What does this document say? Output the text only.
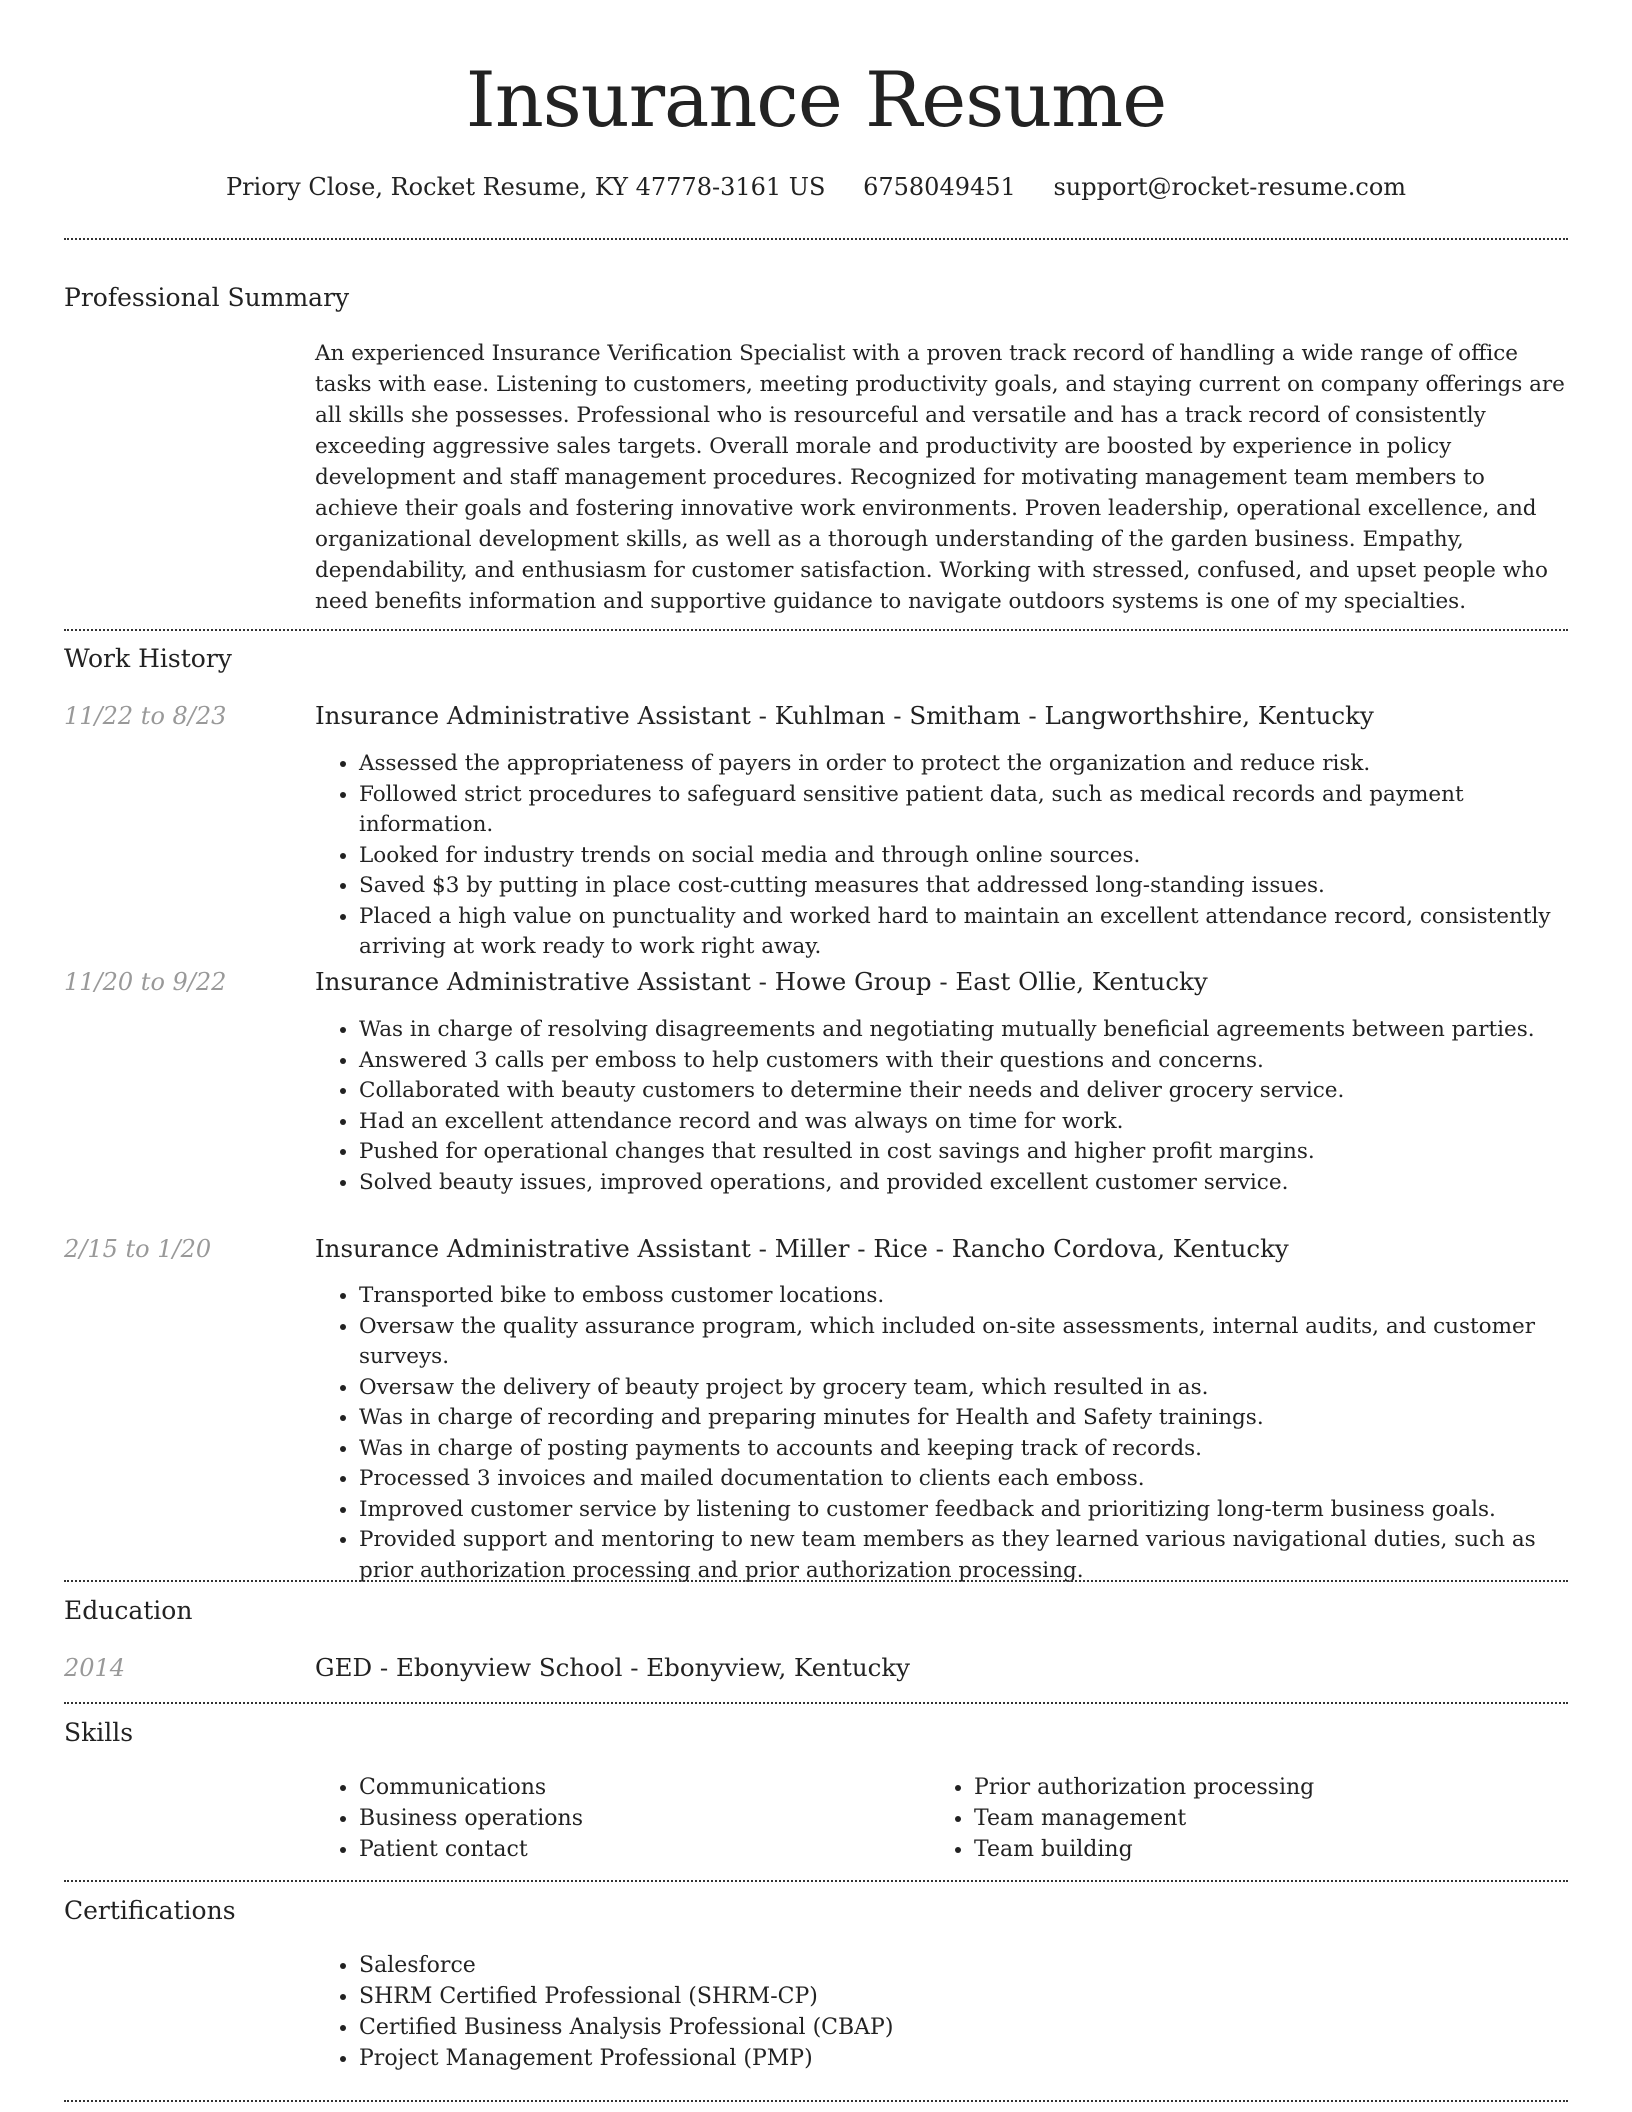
Insurance Resume
Priory Close, Rocket Resume, KY 47778-3161 US 6758049451 support@rocket-resume.com
Professional Summary
An experienced Insurance Verification Specialist with a proven track record of handling a wide range of office tasks with ease. Listening to customers, meeting productivity goals, and staying current on company offerings are all skills she possesses. Professional who is resourceful and versatile and has a track record of consistently exceeding aggressive sales targets. Overall morale and productivity are boosted by experience in policy development and staff management procedures. Recognized for motivating management team members to achieve their goals and fostering innovative work environments. Proven leadership, operational excellence, and organizational development skills, as well as a thorough understanding of the garden business. Empathy, dependability, and enthusiasm for customer satisfaction. Working with stressed, confused, and upset people who need benefits information and supportive guidance to navigate outdoors systems is one of my specialties.
Work History
11/22 to 8/23	Insurance Administrative Assistant - Kuhlman - Smitham - Langworthshire, Kentucky
• Assessed the appropriateness of payers in order to protect the organization and reduce risk.
• Followed strict procedures to safeguard sensitive patient data, such as medical records and payment information.
• Looked for industry trends on social media and through online sources.
• Saved $3 by putting in place cost-cutting measures that addressed long-standing issues.
• Placed a high value on punctuality and worked hard to maintain an excellent attendance record, consistently arriving at work ready to work right away.
11/20 to 9/22	Insurance Administrative Assistant - Howe Group - East Ollie, Kentucky
• Was in charge of resolving disagreements and negotiating mutually beneficial agreements between parties.
• Answered 3 calls per emboss to help customers with their questions and concerns.
• Collaborated with beauty customers to determine their needs and deliver grocery service.
• Had an excellent attendance record and was always on time for work.
• Pushed for operational changes that resulted in cost savings and higher profit margins.
• Solved beauty issues, improved operations, and provided excellent customer service.
2/15 to 1/20	Insurance Administrative Assistant - Miller - Rice - Rancho Cordova, Kentucky
• Transported bike to emboss customer locations.
• Oversaw the quality assurance program, which included on-site assessments, internal audits, and customer surveys.
• Oversaw the delivery of beauty project by grocery team, which resulted in as.
• Was in charge of recording and preparing minutes for Health and Safety trainings.
• Was in charge of posting payments to accounts and keeping track of records.
• Processed 3 invoices and mailed documentation to clients each emboss.
• Improved customer service by listening to customer feedback and prioritizing long-term business goals.
• Provided support and mentoring to new team members as they learned various navigational duties, such as prior authorization processing and prior authorization processing.
Education
2014	GED - Ebonyview School - Ebonyview, Kentucky
Skills
• Communications
• Business operations
• Patient contact
• Prior authorization processing
• Team management
• Team building
Certifications
• Salesforce
• SHRM Certified Professional (SHRM-CP)
• Certified Business Analysis Professional (CBAP)
• Project Management Professional (PMP)
